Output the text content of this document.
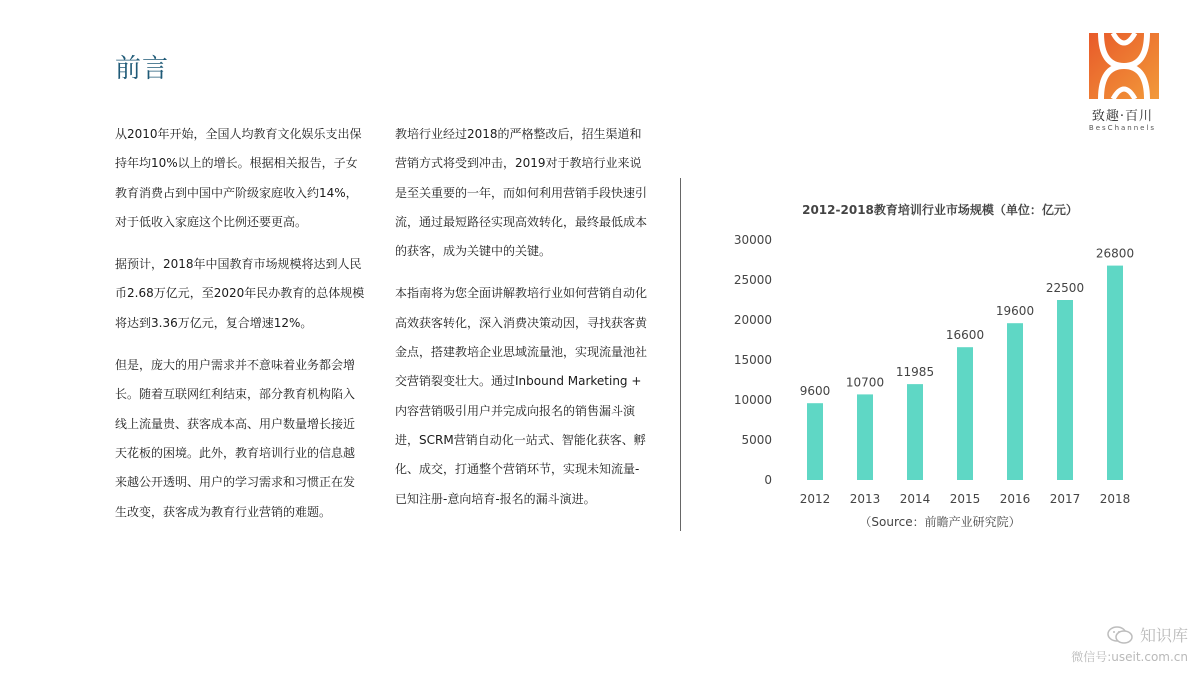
前言

从2010年开始，全国人均教育文化娱乐支出保持年均10%以上的增长。根据相关报告，子女教育消费占到中国中产阶级家庭收入约14%，对于低收入家庭这个比例还要更高。

据预计，2018年中国教育市场规模将达到人民币2.68万亿元，至2020年民办教育的总体规模将达到3.36万亿元，复合增速12%。

但是，庞大的用户需求并不意味着业务都会增长。随着互联网红利结束，部分教育机构陷入线上流量贵、获客成本高、用户数量增长接近天花板的困境。此外，教育培训行业的信息越来越公开透明、用户的学习需求和习惯正在发生改变，获客成为教育行业营销的难题。

教培行业经过2018的严格整改后，招生渠道和营销方式将受到冲击，2019对于教培行业来说是至关重要的一年，而如何利用营销手段快速引流，通过最短路径实现高效转化，最终最低成本的获客，成为关键中的关键。

本指南将为您全面讲解教培行业如何营销自动化高效获客转化，深入消费决策动因，寻找获客黄金点，搭建教培企业思域流量池，实现流量池社交营销裂变壮大。通过Inbound Marketing + 内容营销吸引用户并完成向报名的销售漏斗演进，SCRM营销自动化一站式、智能化获客、孵化、成交，打通整个营销环节，实现未知流量-已知注册-意向培育-报名的漏斗演进。

致趣·百川
BesChannels
2012-2018教育培训行业市场规模（单位：亿元）
0
5000
10000
15000
20000
25000
30000
9600
10700
11985
16600
19600
22500
26800
2012 2013 2014 2015 2016 2017 2018
（Source：前瞻产业研究院）
知识库
微信号:useit.com.cn
